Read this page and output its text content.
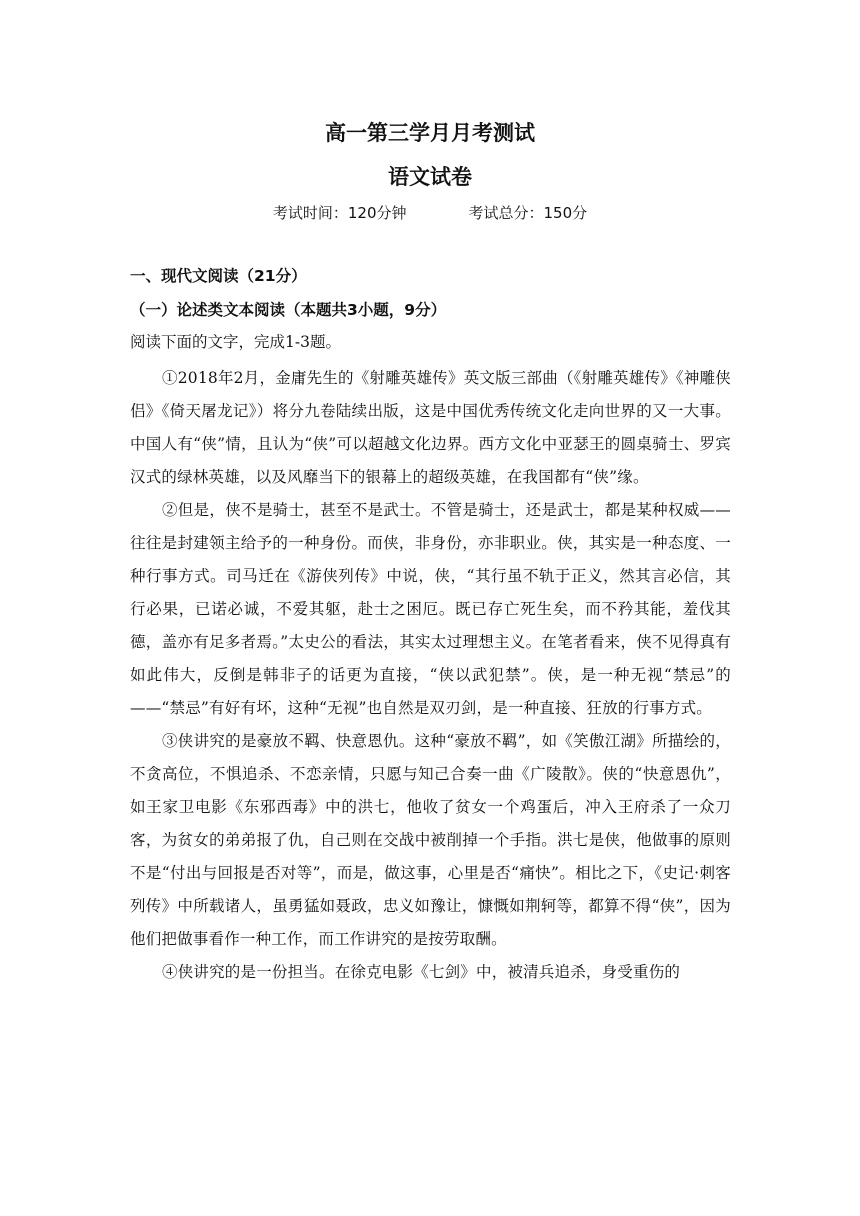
高一第三学月月考测试
语文试卷
考试时间：120分钟	考试总分：150分
一、现代文阅读（21分）
（一）论述类文本阅读（本题共3小题，9分）

阅读下面的文字，完成1-3题。

①2018年2月，金庸先生的《射雕英雄传》英文版三部曲（《射雕英雄传》《神雕侠侣》《倚天屠龙记》）将分九卷陆续出版，这是中国优秀传统文化走向世界的又一大事。中国人有“侠”情，且认为“侠”可以超越文化边界。西方文化中亚瑟王的圆桌骑士、罗宾汉式的绿林英雄，以及风靡当下的银幕上的超级英雄，在我国都有“侠”缘。

②但是，侠不是骑士，甚至不是武士。不管是骑士，还是武士，都是某种权威——往往是封建领主给予的一种身份。而侠，非身份，亦非职业。侠，其实是一种态度、一种行事方式。司马迁在《游侠列传》中说，侠，“其行虽不轨于正义，然其言必信，其行必果，已诺必诚，不爱其躯，赴士之困厄。既已存亡死生矣，而不矜其能，羞伐其德，盖亦有足多者焉。”太史公的看法，其实太过理想主义。在笔者看来，侠不见得真有如此伟大，反倒是韩非子的话更为直接，“侠以武犯禁”。侠，是一种无视“禁忌”的——“禁忌”有好有坏，这种“无视”也自然是双刃剑，是一种直接、狂放的行事方式。

③侠讲究的是豪放不羁、快意恩仇。这种“豪放不羁”，如《笑傲江湖》所描绘的，不贪高位，不惧追杀、不恋亲情，只愿与知己合奏一曲《广陵散》。侠的“快意恩仇”，如王家卫电影《东邪西毒》中的洪七，他收了贫女一个鸡蛋后，冲入王府杀了一众刀客，为贫女的弟弟报了仇，自己则在交战中被削掉一个手指。洪七是侠，他做事的原则不是“付出与回报是否对等”，而是，做这事，心里是否“痛快”。相比之下，《史记·刺客列传》中所载诸人，虽勇猛如聂政，忠义如豫让，慷慨如荆轲等，都算不得“侠”，因为他们把做事看作一种工作，而工作讲究的是按劳取酬。

④侠讲究的是一份担当。在徐克电影《七剑》中，被清兵追杀，身受重伤的
